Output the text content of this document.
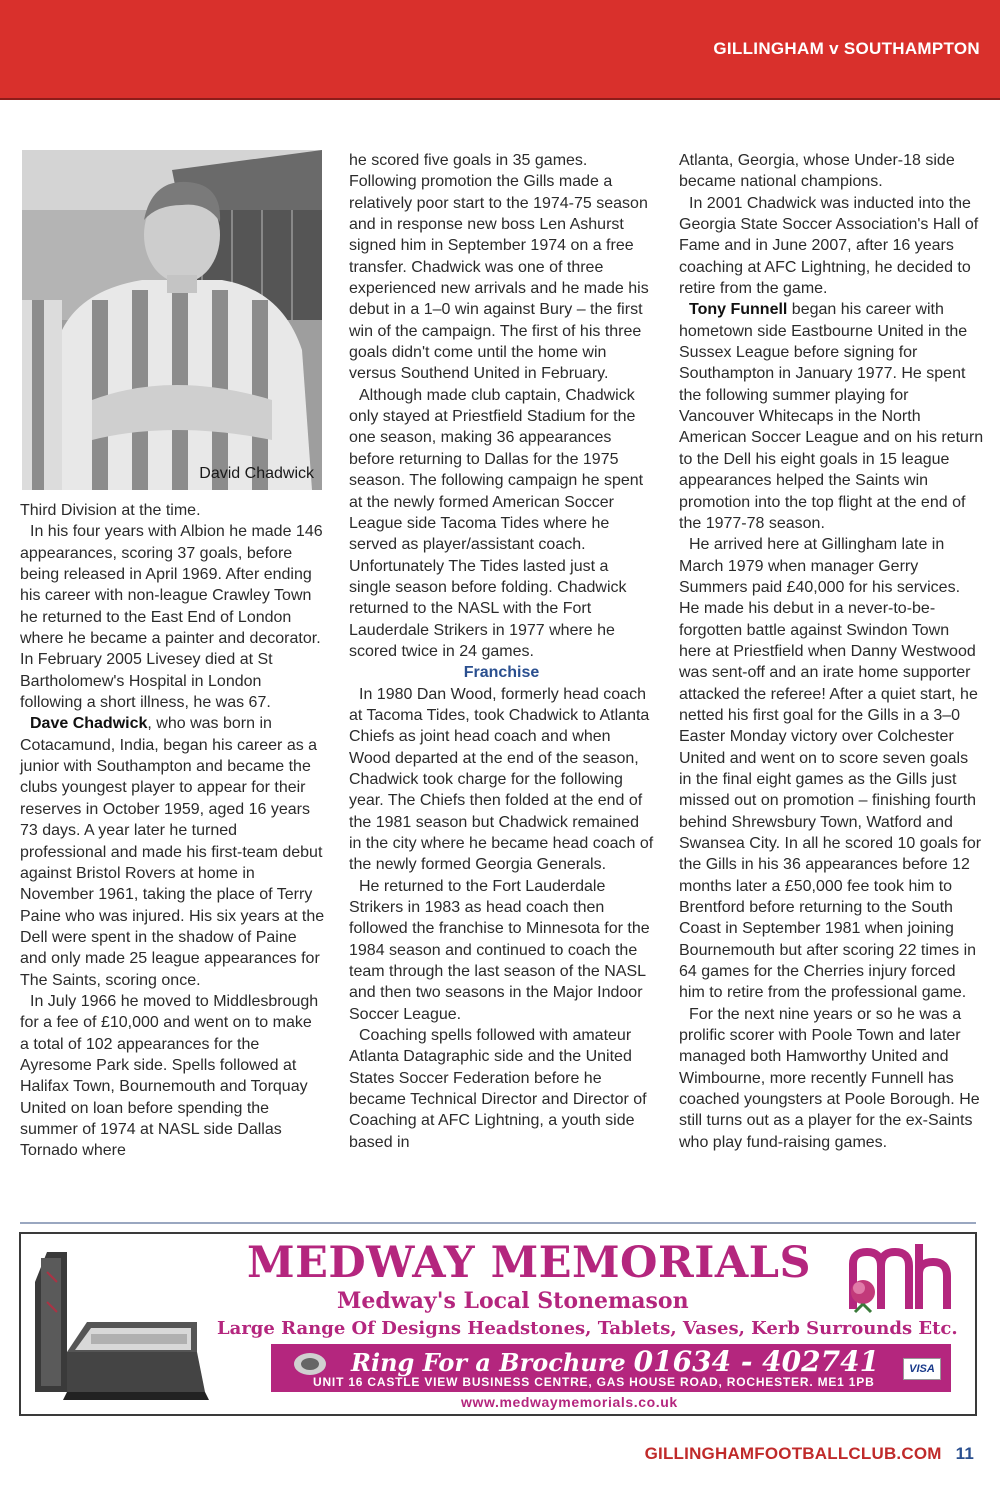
GILLINGHAM v SOUTHAMPTON
David Chadwick

Third Division at the time.

In his four years with Albion he made 146 appearances, scoring 37 goals, before being released in April 1969. After ending his career with non-league Crawley Town he returned to the East End of London where he became a painter and decorator. In February 2005 Livesey died at St Bartholomew's Hospital in London following a short illness, he was 67.

Dave Chadwick, who was born in Cotacamund, India, began his career as a junior with Southampton and became the clubs youngest player to appear for their reserves in October 1959, aged 16 years 73 days. A year later he turned professional and made his first-team debut against Bristol Rovers at home in November 1961, taking the place of Terry Paine who was injured. His six years at the Dell were spent in the shadow of Paine and only made 25 league appearances for The Saints, scoring once.

In July 1966 he moved to Middlesbrough for a fee of £10,000 and went on to make a total of 102 appearances for the Ayresome Park side. Spells followed at Halifax Town, Bournemouth and Torquay United on loan before spending the summer of 1974 at NASL side Dallas Tornado where

he scored five goals in 35 games. Following promotion the Gills made a relatively poor start to the 1974-75 season and in response new boss Len Ashurst signed him in September 1974 on a free transfer. Chadwick was one of three experienced new arrivals and he made his debut in a 1–0 win against Bury – the first win of the campaign. The first of his three goals didn't come until the home win versus Southend United in February.

Although made club captain, Chadwick only stayed at Priestfield Stadium for the one season, making 36 appearances before returning to Dallas for the 1975 season. The following campaign he spent at the newly formed American Soccer League side Tacoma Tides where he served as player/assistant coach. Unfortunately The Tides lasted just a single season before folding. Chadwick returned to the NASL with the Fort Lauderdale Strikers in 1977 where he scored twice in 24 games.

Franchise

In 1980 Dan Wood, formerly head coach at Tacoma Tides, took Chadwick to Atlanta Chiefs as joint head coach and when Wood departed at the end of the season, Chadwick took charge for the following year. The Chiefs then folded at the end of the 1981 season but Chadwick remained in the city where he became head coach of the newly formed Georgia Generals.

He returned to the Fort Lauderdale Strikers in 1983 as head coach then followed the franchise to Minnesota for the 1984 season and continued to coach the team through the last season of the NASL and then two seasons in the Major Indoor Soccer League.

Coaching spells followed with amateur Atlanta Datagraphic side and the United States Soccer Federation before he became Technical Director and Director of Coaching at AFC Lightning, a youth side based in

Atlanta, Georgia, whose Under-18 side became national champions.

In 2001 Chadwick was inducted into the Georgia State Soccer Association's Hall of Fame and in June 2007, after 16 years coaching at AFC Lightning, he decided to retire from the game.

Tony Funnell began his career with hometown side Eastbourne United in the Sussex League before signing for Southampton in January 1977. He spent the following summer playing for Vancouver Whitecaps in the North American Soccer League and on his return to the Dell his eight goals in 15 league appearances helped the Saints win promotion into the top flight at the end of the 1977-78 season.

He arrived here at Gillingham late in March 1979 when manager Gerry Summers paid £40,000 for his services. He made his debut in a never-to-be-forgotten battle against Swindon Town here at Priestfield when Danny Westwood was sent-off and an irate home supporter attacked the referee! After a quiet start, he netted his first goal for the Gills in a 3–0 Easter Monday victory over Colchester United and went on to score seven goals in the final eight games as the Gills just missed out on promotion – finishing fourth behind Shrewsbury Town, Watford and Swansea City. In all he scored 10 goals for the Gills in his 36 appearances before 12 months later a £50,000 fee took him to Brentford before returning to the South Coast in September 1981 when joining Bournemouth but after scoring 22 times in 64 games for the Cherries injury forced him to retire from the professional game.

For the next nine years or so he was a prolific scorer with Poole Town and later managed both Hamworthy United and Wimbourne, more recently Funnell has coached youngsters at Poole Borough. He still turns out as a player for the ex-Saints who play fund-raising games.

MEDWAY MEMORIALS
Medway's Local Stonemason
Large Range Of Designs Headstones, Tablets, Vases, Kerb Surrounds Etc.
Ring For a Brochure 01634 - 402741	VISA
UNIT 16 CASTLE VIEW BUSINESS CENTRE, GAS HOUSE ROAD, ROCHESTER. ME1 1PB
www.medwaymemorials.co.uk
GILLINGHAMFOOTBALLCLUB.COM 11
